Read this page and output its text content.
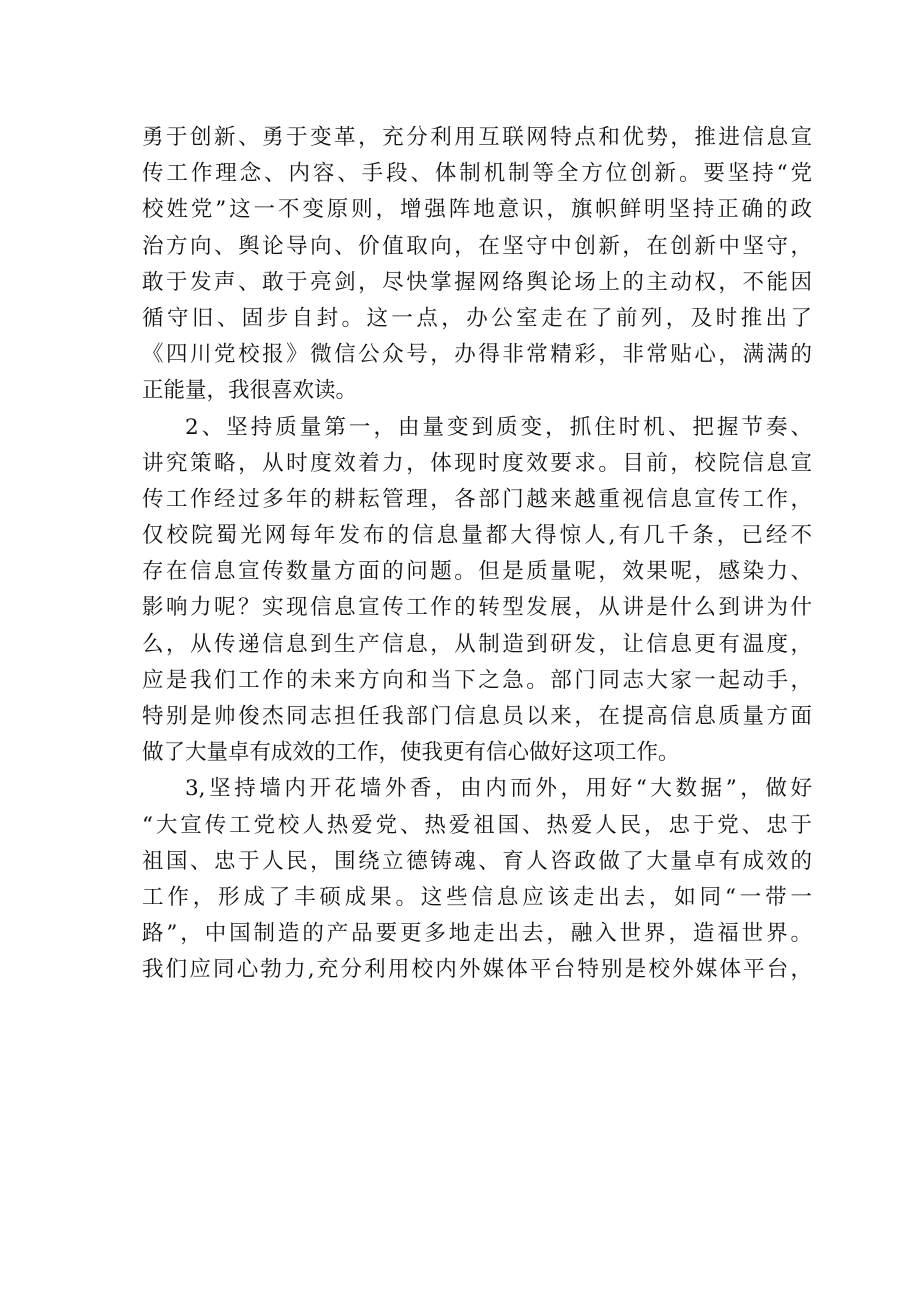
勇于创新、勇于变革，充分利用互联网特点和优势，推进信息宣
传工作理念、内容、手段、体制机制等全方位创新。要坚持“党
校姓党”这一不变原则，增强阵地意识，旗帜鲜明坚持正确的政
治方向、舆论导向、价值取向，在坚守中创新，在创新中坚守，
敢于发声、敢于亮剑，尽快掌握网络舆论场上的主动权，不能因
循守旧、固步自封。这一点，办公室走在了前列，及时推出了
《四川党校报》微信公众号，办得非常精彩，非常贴心，满满的
正能量，我很喜欢读。
2、坚持质量第一，由量变到质变，抓住时机、把握节奏、
讲究策略，从时度效着力，体现时度效要求。目前，校院信息宣
传工作经过多年的耕耘管理，各部门越来越重视信息宣传工作，
仅校院蜀光网每年发布的信息量都大得惊人,有几千条，已经不
存在信息宣传数量方面的问题。但是质量呢，效果呢，感染力、
影响力呢？实现信息宣传工作的转型发展，从讲是什么到讲为什
么，从传递信息到生产信息，从制造到研发，让信息更有温度，
应是我们工作的未来方向和当下之急。部门同志大家一起动手，
特别是帅俊杰同志担任我部门信息员以来，在提高信息质量方面
做了大量卓有成效的工作，使我更有信心做好这项工作。
3,坚持墙内开花墙外香，由内而外，用好“大数据”，做好
“大宣传工党校人热爱党、热爱祖国、热爱人民，忠于党、忠于
祖国、忠于人民，围绕立德铸魂、育人咨政做了大量卓有成效的
工作，形成了丰硕成果。这些信息应该走出去，如同“一带一
路”，中国制造的产品要更多地走出去，融入世界，造福世界。
我们应同心勃力,充分利用校内外媒体平台特别是校外媒体平台，
